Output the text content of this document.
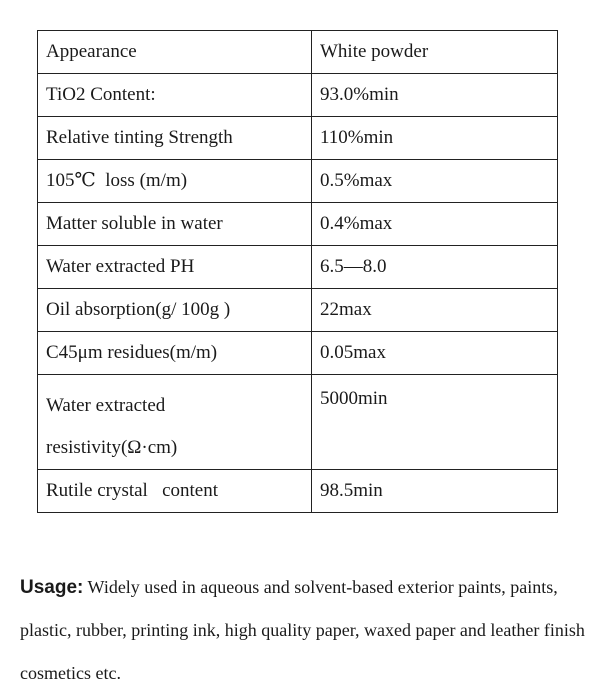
Appearance	White powder
TiO2 Content:	93.0%min
Relative tinting Strength	110%min
105℃  loss (m/m)	0.5%max
Matter soluble in water	0.4%max
Water extracted PH	6.5—8.0
Oil absorption(g/ 100g )	22max
C45μm residues(m/m)	0.05max
Water extracted resistivity(Ω·cm)	5000min
Rutile crystal   content	98.5min

Usage: Widely used in aqueous and solvent-based exterior paints, paints, plastic, rubber, printing ink, high quality paper, waxed paper and leather finish cosmetics etc.
